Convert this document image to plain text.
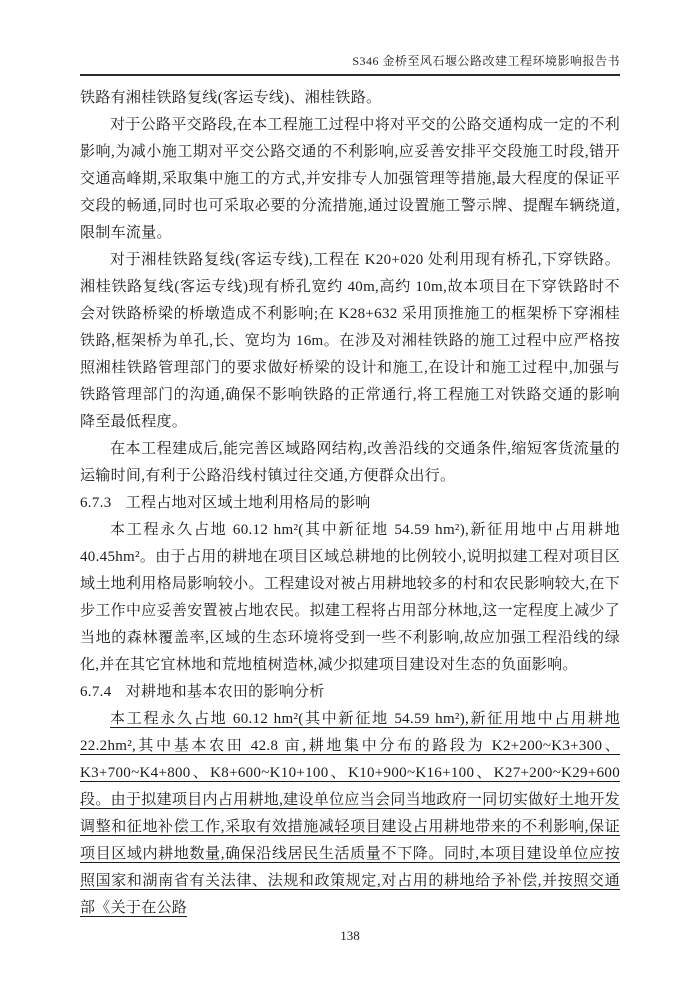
S346 金桥至风石堰公路改建工程环境影响报告书

铁路有湘桂铁路复线(客运专线)、湘桂铁路。

对于公路平交路段,在本工程施工过程中将对平交的公路交通构成一定的不利影响,为减小施工期对平交公路交通的不利影响,应妥善安排平交段施工时段,错开交通高峰期,采取集中施工的方式,并安排专人加强管理等措施,最大程度的保证平交段的畅通,同时也可采取必要的分流措施,通过设置施工警示牌、提醒车辆绕道,限制车流量。

对于湘桂铁路复线(客运专线),工程在 K20+020 处利用现有桥孔,下穿铁路。湘桂铁路复线(客运专线)现有桥孔宽约 40m,高约 10m,故本项目在下穿铁路时不会对铁路桥梁的桥墩造成不利影响;在 K28+632 采用顶推施工的框架桥下穿湘桂铁路,框架桥为单孔,长、宽均为 16m。在涉及对湘桂铁路的施工过程中应严格按照湘桂铁路管理部门的要求做好桥梁的设计和施工,在设计和施工过程中,加强与铁路管理部门的沟通,确保不影响铁路的正常通行,将工程施工对铁路交通的影响降至最低程度。

在本工程建成后,能完善区域路网结构,改善沿线的交通条件,缩短客货流量的运输时间,有利于公路沿线村镇过往交通,方便群众出行。

6.7.3 工程占地对区域土地利用格局的影响

本工程永久占地 60.12 hm²(其中新征地 54.59 hm²),新征用地中占用耕地40.45hm²。由于占用的耕地在项目区域总耕地的比例较小,说明拟建工程对项目区域土地利用格局影响较小。工程建设对被占用耕地较多的村和农民影响较大,在下步工作中应妥善安置被占地农民。拟建工程将占用部分林地,这一定程度上减少了当地的森林覆盖率,区域的生态环境将受到一些不利影响,故应加强工程沿线的绿化,并在其它宜林地和荒地植树造林,减少拟建项目建设对生态的负面影响。

6.7.4 对耕地和基本农田的影响分析

本工程永久占地 60.12 hm²(其中新征地 54.59 hm²),新征用地中占用耕地22.2hm²,其中基本农田 42.8 亩,耕地集中分布的路段为 K2+200~K3+300、K3+700~K4+800、K8+600~K10+100、K10+900~K16+100、K27+200~K29+600 段。由于拟建项目内占用耕地,建设单位应当会同当地政府一同切实做好土地开发调整和征地补偿工作,采取有效措施减轻项目建设占用耕地带来的不利影响,保证项目区域内耕地数量,确保沿线居民生活质量不下降。同时,本项目建设单位应按照国家和湖南省有关法律、法规和政策规定,对占用的耕地给予补偿,并按照交通部《关于在公路

138
